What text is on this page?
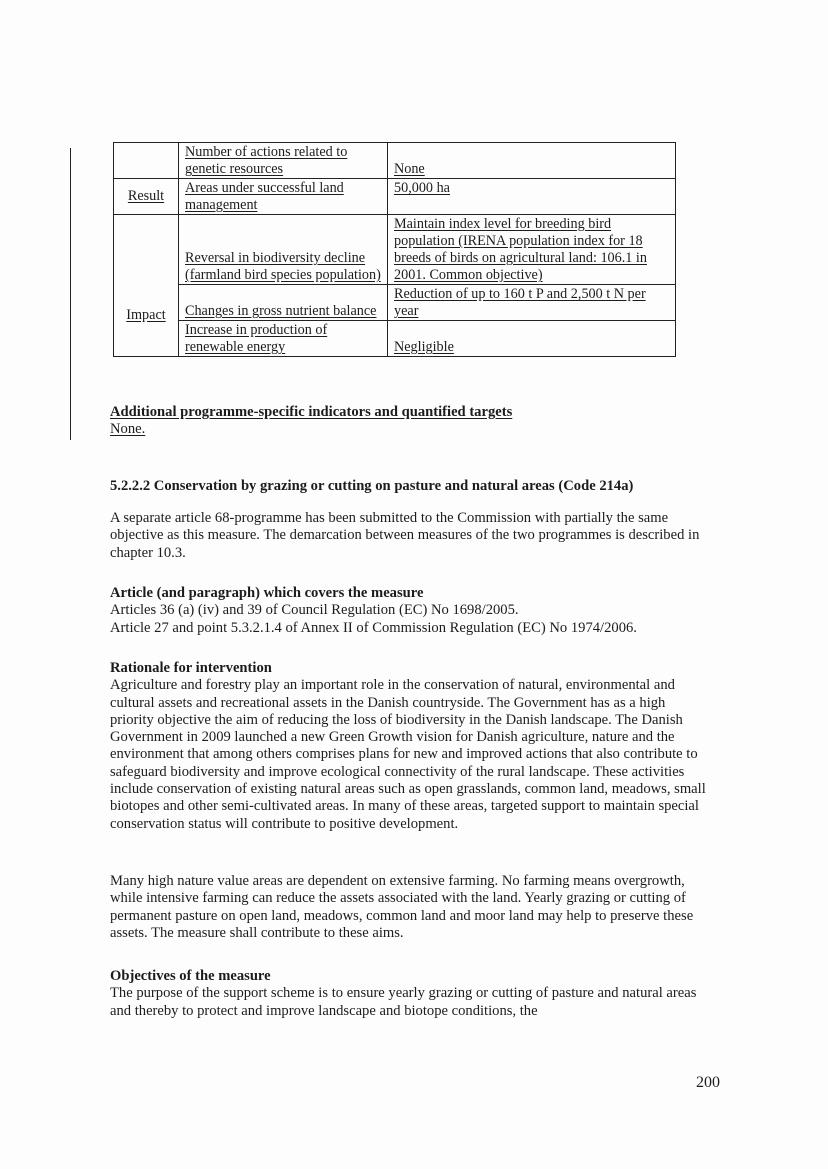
	Number of actions related to genetic resources	None
Result	Areas under successful land management	50,000 ha
Impact	Reversal in biodiversity decline (farmland bird species population)	Maintain index level for breeding bird population (IRENA population index for 18 breeds of birds on agricultural land: 106.1 in 2001. Common objective)
	Changes in gross nutrient balance	Reduction of up to 160 t P and 2,500 t N per year
	Increase in production of renewable energy	Negligible
Additional programme-specific indicators and quantified targets
None.
5.2.2.2 Conservation by grazing or cutting on pasture and natural areas (Code 214a)
A separate article 68-programme has been submitted to the Commission with partially the same objective as this measure. The demarcation between measures of the two programmes is described in chapter 10.3.
Article (and paragraph) which covers the measure
Articles 36 (a) (iv) and 39 of Council Regulation (EC) No 1698/2005.
Article 27 and point 5.3.2.1.4 of Annex II of Commission Regulation (EC) No 1974/2006.
Rationale for intervention
Agriculture and forestry play an important role in the conservation of natural, environmental and cultural assets and recreational assets in the Danish countryside. The Government has as a high priority objective the aim of reducing the loss of biodiversity in the Danish landscape. The Danish Government in 2009 launched a new Green Growth vision for Danish agriculture, nature and the environment that among others comprises plans for new and improved actions that also contribute to safeguard biodiversity and improve ecological connectivity of the rural landscape. These activities include conservation of existing natural areas such as open grasslands, common land, meadows, small biotopes and other semi-cultivated areas. In many of these areas, targeted support to maintain special conservation status will contribute to positive development.
Many high nature value areas are dependent on extensive farming. No farming means overgrowth, while intensive farming can reduce the assets associated with the land. Yearly grazing or cutting of permanent pasture on open land, meadows, common land and moor land may help to preserve these assets. The measure shall contribute to these aims.
Objectives of the measure
The purpose of the support scheme is to ensure yearly grazing or cutting of pasture and natural areas and thereby to protect and improve landscape and biotope conditions, the
200
